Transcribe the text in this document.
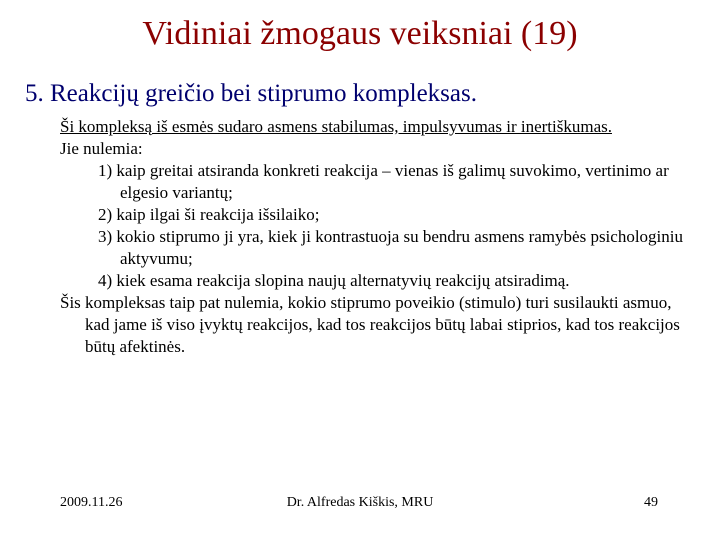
Vidiniai žmogaus veiksniai (19)
5. Reakcijų greičio bei stiprumo kompleksas.

Ši kompleksą iš esmės sudaro asmens stabilumas, impulsyvumas ir inertiškumas.

Jie nulemia:

1) kaip greitai atsiranda konkreti reakcija – vienas iš galimų suvokimo, vertinimo ar elgesio variantų;

2) kaip ilgai ši reakcija išsilaiko;

3) kokio stiprumo ji yra, kiek ji kontrastuoja su bendru asmens ramybės psichologiniu aktyvumu;

4) kiek esama reakcija slopina naujų alternatyvių reakcijų atsiradimą.

Šis kompleksas taip pat nulemia, kokio stiprumo poveikio (stimulo) turi susilaukti asmuo, kad jame iš viso įvyktų reakcijos, kad tos reakcijos būtų labai stiprios, kad tos reakcijos būtų afektinės.

2009.11.26	Dr. Alfredas Kiškis, MRU	49
